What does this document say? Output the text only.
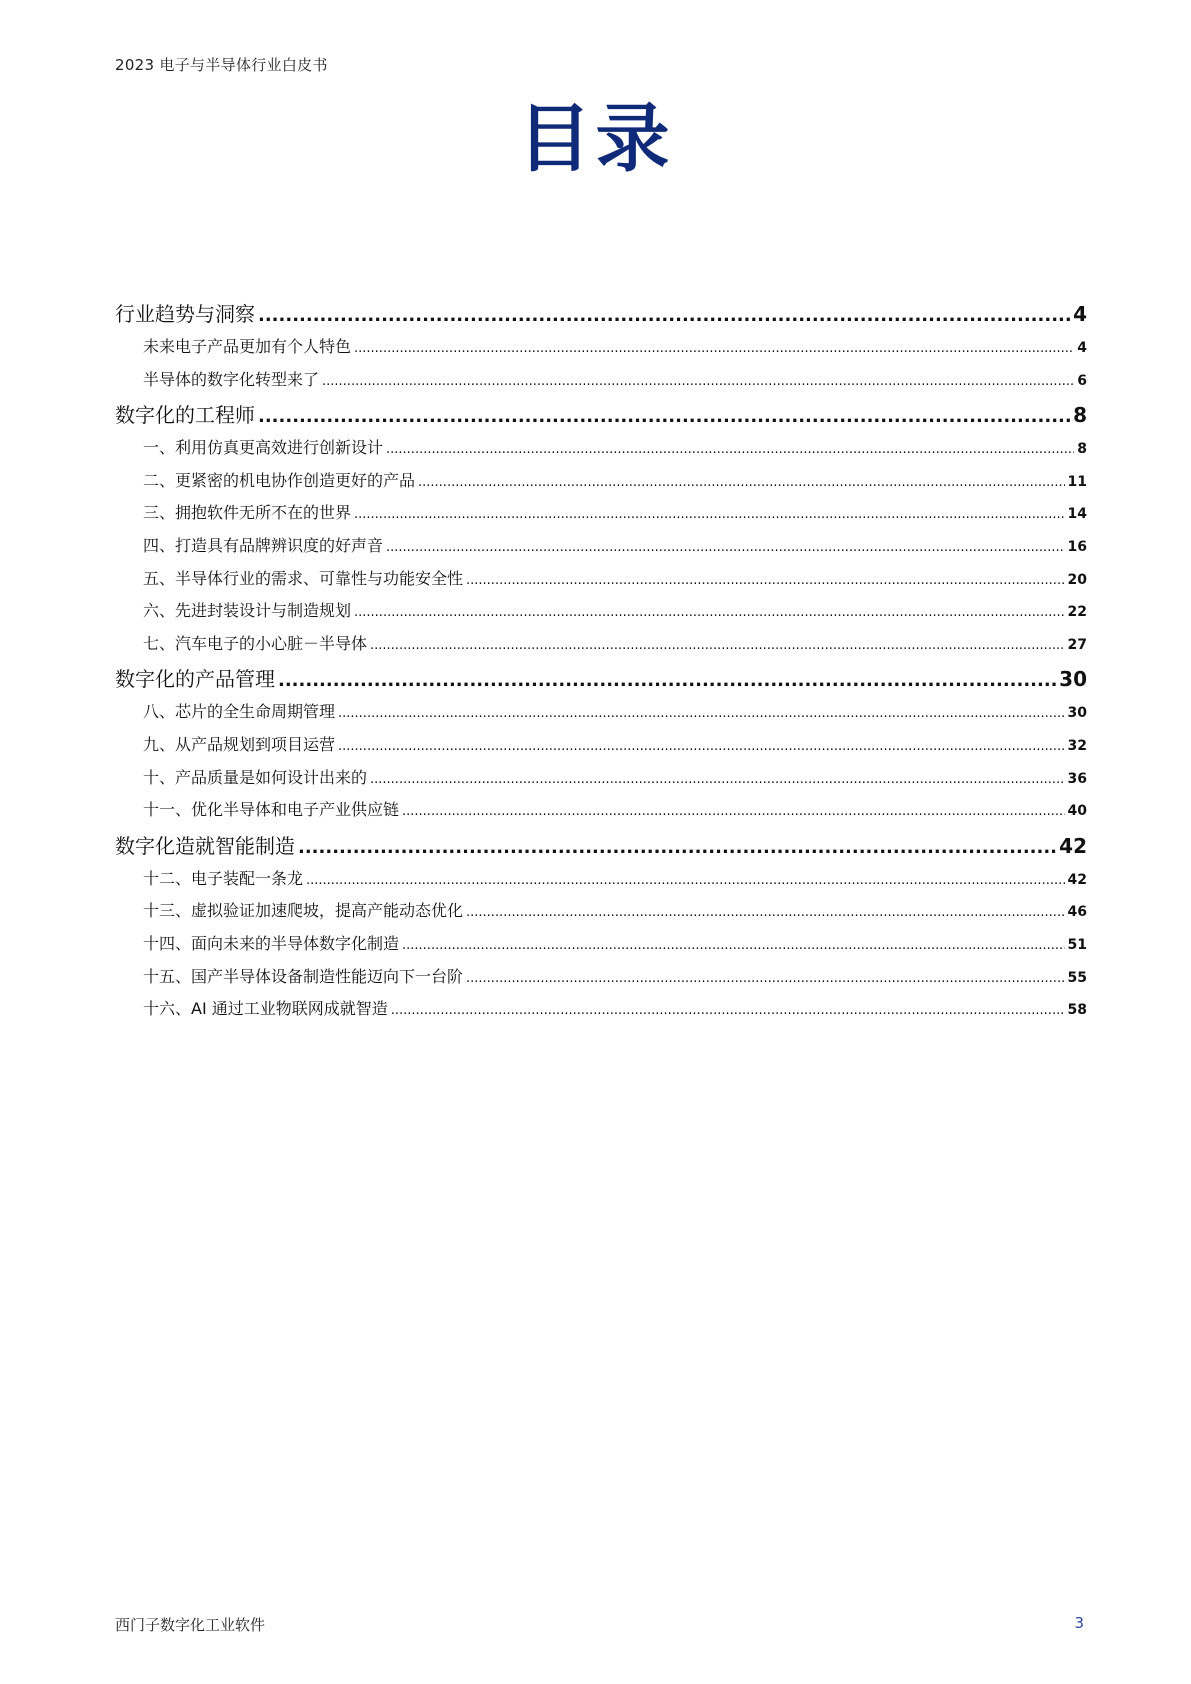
2023 电子与半导体行业白皮书
目录
行业趋势与洞察 .....	4
未来电子产品更加有个人特色 .....	4
半导体的数字化转型来了 .....	6
数字化的工程师 .....	8
一、利用仿真更高效进行创新设计 .....	8
二、更紧密的机电协作创造更好的产品 .....	11
三、拥抱软件无所不在的世界 .....	14
四、打造具有品牌辨识度的好声音 .....	16
五、半导体行业的需求、可靠性与功能安全性 .....	20
六、先进封装设计与制造规划 .....	22
七、汽车电子的小心脏－半导体 .....	27
数字化的产品管理 .....	30
八、芯片的全生命周期管理 .....	30
九、从产品规划到项目运营 .....	32
十、产品质量是如何设计出来的 .....	36
十一、优化半导体和电子产业供应链 .....	40
数字化造就智能制造 .....	42
十二、电子装配一条龙 .....	42
十三、虚拟验证加速爬坡，提高产能动态优化 .....	46
十四、面向未来的半导体数字化制造 .....	51
十五、国产半导体设备制造性能迈向下一台阶 .....	55
十六、AI 通过工业物联网成就智造 .....	58
西门子数字化工业软件	3
